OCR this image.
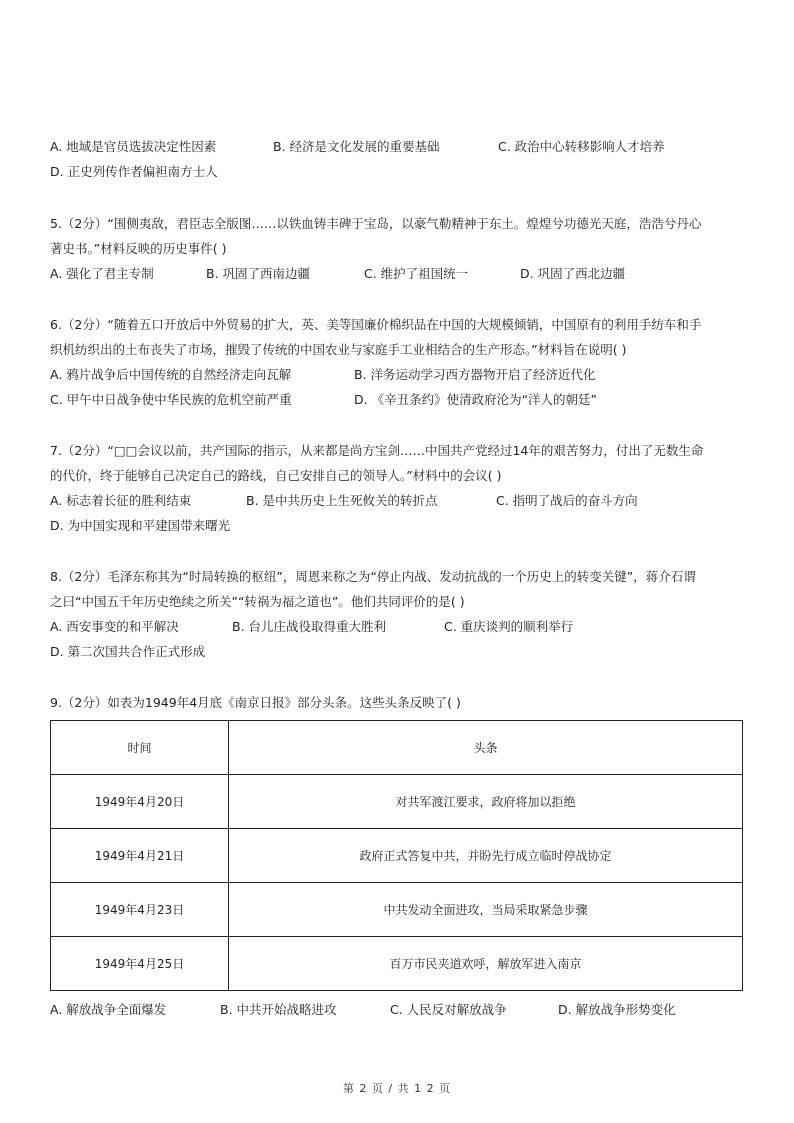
A. 地域是官员选拔决定性因素	B. 经济是文化发展的重要基础	C. 政治中心转移影响人才培养
D. 正史列传作者偏袒南方士人
5.（2分）“围侧夷敌，君臣志全版图……以铁血铸丰碑于宝岛，以豪气勒精神于东土。煌煌兮功德光天庭，浩浩兮丹心
著史书。”材料反映的历史事件( )
A. 强化了君主专制	B. 巩固了西南边疆	C. 维护了祖国统一	D. 巩固了西北边疆
6.（2分）“随着五口开放后中外贸易的扩大，英、美等国廉价棉织品在中国的大规模倾销，中国原有的利用手纺车和手
织机纺织出的土布丧失了市场，摧毁了传统的中国农业与家庭手工业相结合的生产形态。”材料旨在说明( )
A. 鸦片战争后中国传统的自然经济走向瓦解	B. 洋务运动学习西方器物开启了经济近代化
C. 甲午中日战争使中华民族的危机空前严重	D. 《辛丑条约》使清政府沦为“洋人的朝廷”
7.（2分）“□□会议以前，共产国际的指示，从来都是尚方宝剑……中国共产党经过14年的艰苦努力，付出了无数生命
的代价，终于能够自己决定自己的路线，自己安排自己的领导人。”材料中的会议( )
A. 标志着长征的胜利结束	B. 是中共历史上生死攸关的转折点	C. 指明了战后的奋斗方向
D. 为中国实现和平建国带来曙光
8.（2分）毛泽东称其为“时局转换的枢纽”，周恩来称之为“停止内战、发动抗战的一个历史上的转变关键”，蒋介石谓
之曰“中国五千年历史绝续之所关”“转祸为福之道也”。他们共同评价的是( )
A. 西安事变的和平解决	B. 台儿庄战役取得重大胜利	C. 重庆谈判的顺利举行
D. 第二次国共合作正式形成
9.（2分）如表为1949年4月底《南京日报》部分头条。这些头条反映了( )
时间	头条
1949年4月20日	对共军渡江要求，政府将加以拒绝
1949年4月21日	政府正式答复中共，并盼先行成立临时停战协定
1949年4月23日	中共发动全面进攻，当局采取紧急步骤
1949年4月25日	百万市民夹道欢呼，解放军进入南京
A. 解放战争全面爆发	B. 中共开始战略进攻	C. 人民反对解放战争	D. 解放战争形势变化
第 2 页 / 共 1 2 页
